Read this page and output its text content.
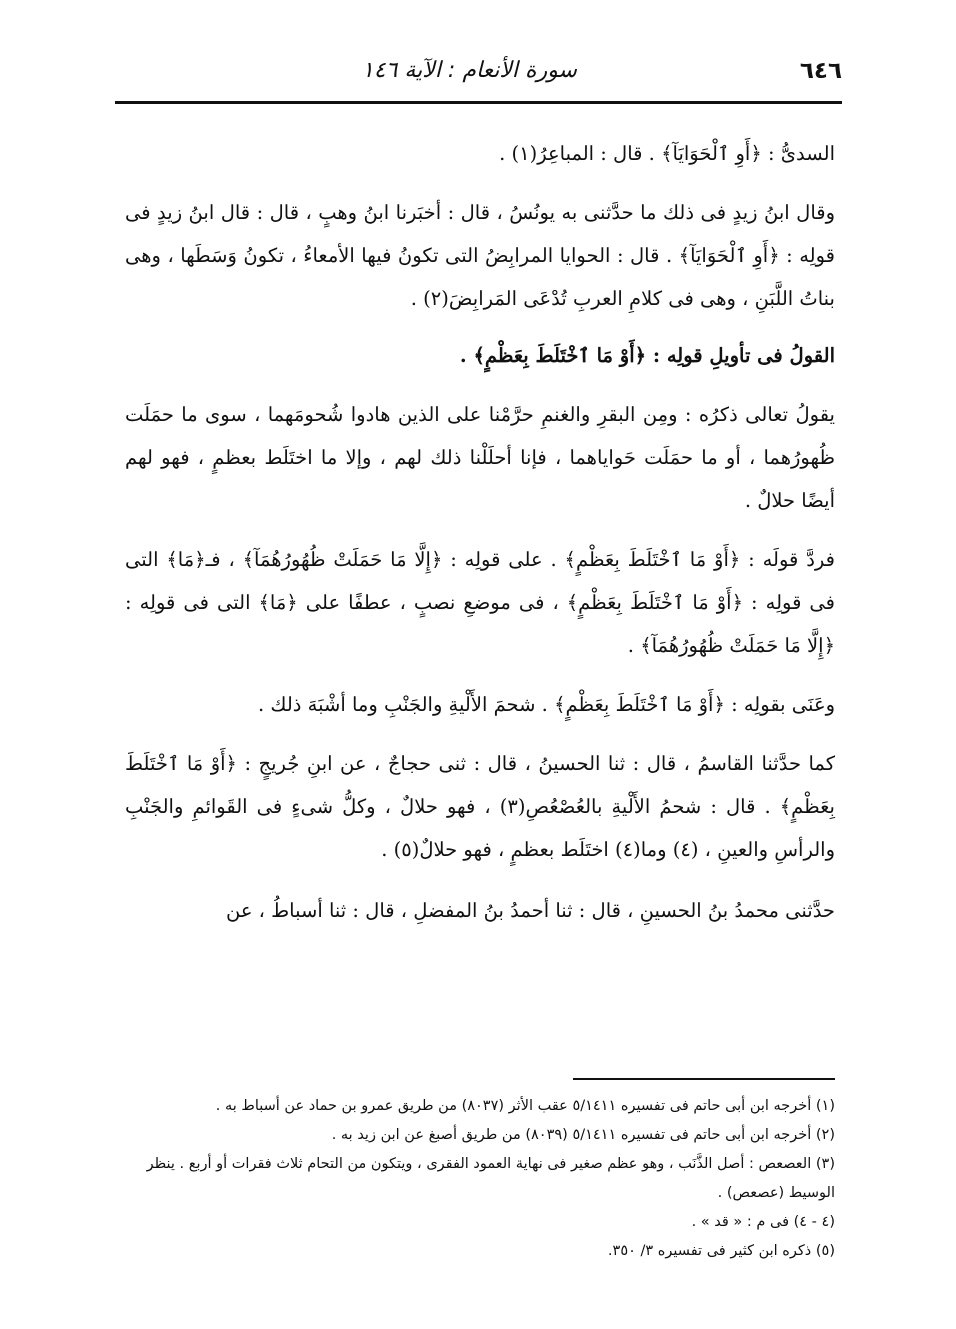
٦٤٦
سورة الأنعام : الآية ١٤٦

السدىُّ : ﴿أَوِ ٱلْحَوَايَآ﴾ . قال : المباعِرُ(١) .

وقال ابنُ زيدٍ فى ذلك ما حدَّثنى به يونُسُ ، قال : أخبَرنا ابنُ وهبٍ ، قال : قال ابنُ زيدٍ فى قولِه : ﴿أَوِ ٱلْحَوَايَآ﴾ . قال : الحوايا المرابِضُ التى تكونُ فيها الأمعاءُ ، تكونُ وَسَطَها ، وهى بناتُ اللَّبَنِ ، وهى فى كلامِ العربِ تُدْعَى المَرابِضَ(٢) .

القولُ فى تأويلِ قولِه : ﴿أَوْ مَا ٱخْتَلَطَ بِعَظْمٍ﴾ .

يقولُ تعالى ذكرُه : ومِن البقرِ والغنمِ حرَّمْنا على الذين هادوا شُحومَهما ، سوى ما حمَلَت ظُهورُهما ، أو ما حمَلَت حَواياهما ، فإنا أحلَلْنا ذلك لهم ، وإلا ما اختَلَط بعظمٍ ، فهو لهم أيضًا حلالٌ .

فردَّ قولَه : ﴿أَوْ مَا ٱخْتَلَطَ بِعَظْمٍ﴾ . على قولِه : ﴿إِلَّا مَا حَمَلَتْ ظُهُورُهُمَآ﴾ ، فـ﴿مَا﴾ التى فى قولِه : ﴿أَوْ مَا ٱخْتَلَطَ بِعَظْمٍ﴾ ، فى موضعِ نصبٍ ، عطفًا على ﴿مَا﴾ التى فى قولِه : ﴿إِلَّا مَا حَمَلَتْ ظُهُورُهُمَآ﴾ .

وعَنَى بقولِه : ﴿أَوْ مَا ٱخْتَلَطَ بِعَظْمٍ﴾ . شحمَ الأَلْيةِ والجَنْبِ وما أشْبَهَ ذلك .

كما حدَّثنا القاسمُ ، قال : ثنا الحسينُ ، قال : ثنى حجاجٌ ، عن ابنِ جُريجٍ : ﴿أَوْ مَا ٱخْتَلَطَ بِعَظْمٍ﴾ . قال : شحمُ الأَلْيةِ بالعُصْعُصِ(٣) ، فهو حلالٌ ، وكلُّ شىءٍ فى القَوائمِ والجَنْبِ والرأسِ والعينِ ، (٤) وما(٤) اختَلَط بعظمٍ ، فهو حلالٌ(٥) .

حدَّثنى محمدُ بنُ الحسينِ ، قال : ثنا أحمدُ بنُ المفضلِ ، قال : ثنا أسباطُ ، عن

(١) أخرجه ابن أبى حاتم فى تفسيره ٥/١٤١١ عقب الأثر (٨٠٣٧) من طريق عمرو بن حماد عن أسباط به .

(٢) أخرجه ابن أبى حاتم فى تفسيره ٥/١٤١١ (٨٠٣٩) من طريق أصبغ عن ابن زيد به .

(٣) العصعص : أصل الذَّنَب ، وهو عظم صغير فى نهاية العمود الفقرى ، ويتكون من التحام ثلاث فقرات أو أربع . ينظر الوسيط (عصعص) .

(٤ - ٤) فى م : « قد » .

(٥) ذكره ابن كثير فى تفسيره ٣/ ٣٥٠.
